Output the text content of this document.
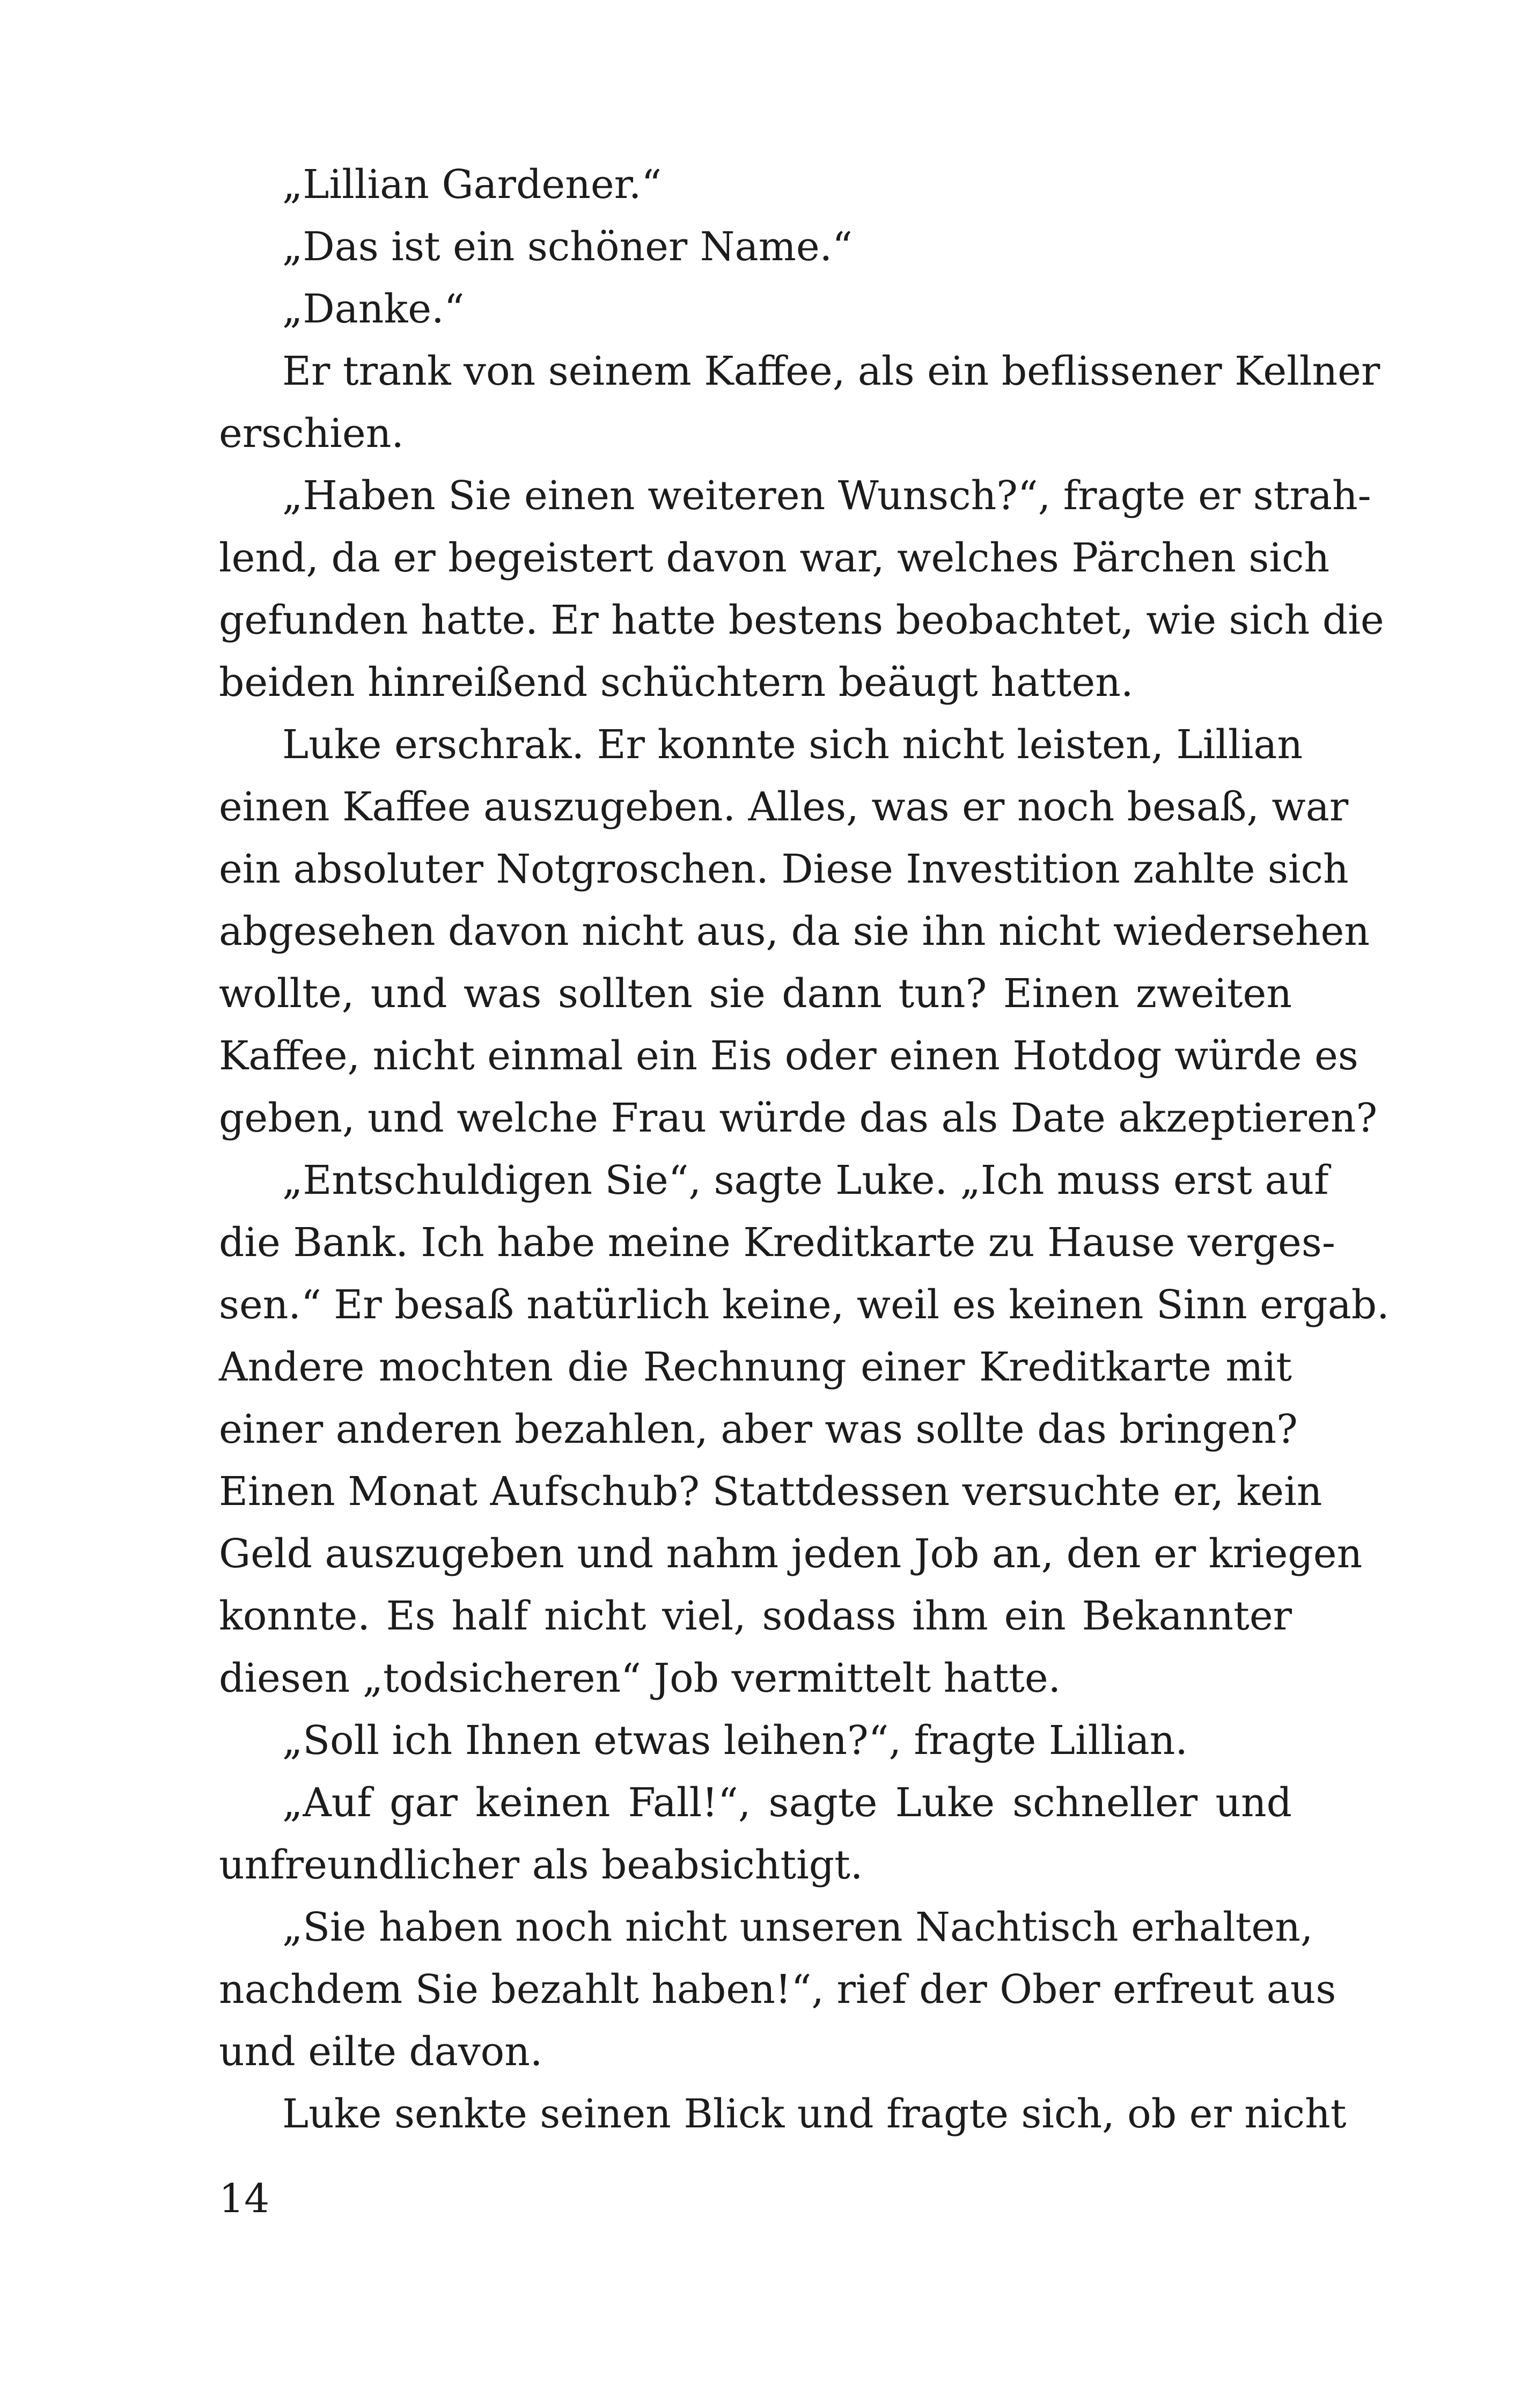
„Lillian Gardener.“
„Das ist ein schöner Name.“
„Danke.“
Er trank von seinem Kaffee, als ein beflissener Kellner
erschien.
„Haben Sie einen weiteren Wunsch?“, fragte er strah-
lend, da er begeistert davon war, welches Pärchen sich
gefunden hatte. Er hatte bestens beobachtet, wie sich die
beiden hinreißend schüchtern beäugt hatten.
Luke erschrak. Er konnte sich nicht leisten, Lillian
einen Kaffee auszugeben. Alles, was er noch besaß, war
ein absoluter Notgroschen. Diese Investition zahlte sich
abgesehen davon nicht aus, da sie ihn nicht wiedersehen
wollte, und was sollten sie dann tun? Einen zweiten
Kaffee, nicht einmal ein Eis oder einen Hotdog würde es
geben, und welche Frau würde das als Date akzeptieren?
„Entschuldigen Sie“, sagte Luke. „Ich muss erst auf
die Bank. Ich habe meine Kreditkarte zu Hause verges-
sen.“ Er besaß natürlich keine, weil es keinen Sinn ergab.
Andere mochten die Rechnung einer Kreditkarte mit
einer anderen bezahlen, aber was sollte das bringen?
Einen Monat Aufschub? Stattdessen versuchte er, kein
Geld auszugeben und nahm jeden Job an, den er kriegen
konnte. Es half nicht viel, sodass ihm ein Bekannter
diesen „todsicheren“ Job vermittelt hatte.
„Soll ich Ihnen etwas leihen?“, fragte Lillian.
„Auf gar keinen Fall!“, sagte Luke schneller und
unfreundlicher als beabsichtigt.
„Sie haben noch nicht unseren Nachtisch erhalten,
nachdem Sie bezahlt haben!“, rief der Ober erfreut aus
und eilte davon.
Luke senkte seinen Blick und fragte sich, ob er nicht
14
